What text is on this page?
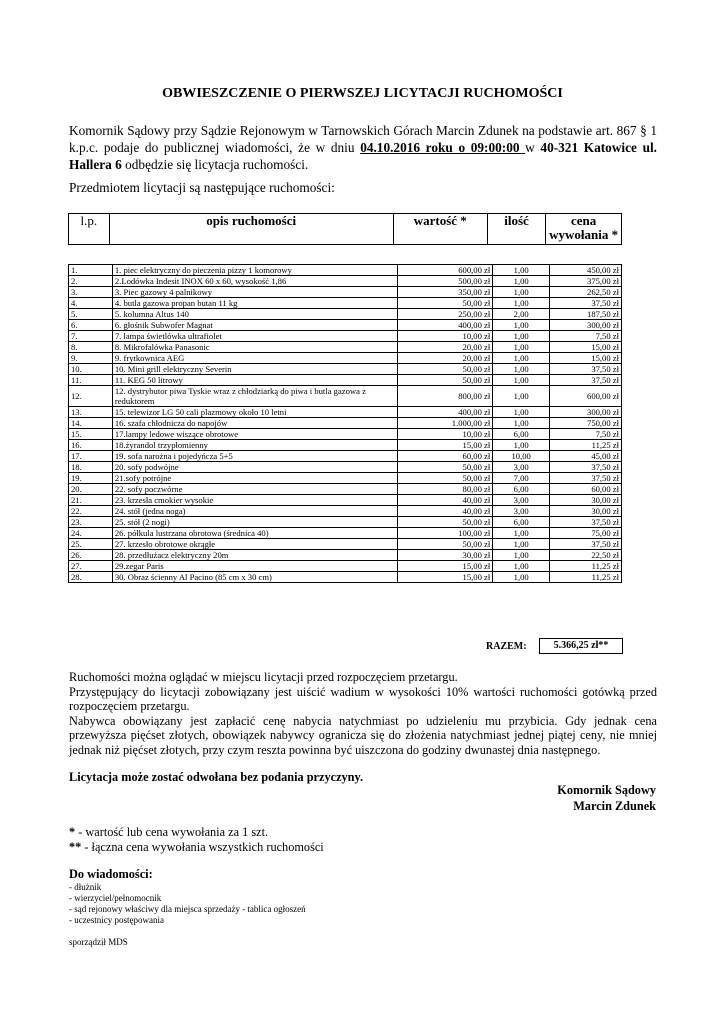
OBWIESZCZENIE O PIERWSZEJ LICYTACJI RUCHOMOŚCI
Komornik Sądowy przy Sądzie Rejonowym w Tarnowskich Górach Marcin Zdunek na podstawie art. 867 § 1 k.p.c. podaje do publicznej wiadomości, że w dniu 04.10.2016 roku o 09:00:00 w 40-321 Katowice ul. Hallera 6 odbędzie się licytacja ruchomości.
Przedmiotem licytacji są następujące ruchomości:
l.p.	opis ruchomości	wartość *	ilość	cena
wywołania *
1.	1. piec elektryczny do pieczenia pizzy 1 komorowy	600,00 zł	1,00	450,00 zł
2.	2.Lodówka Indesit INOX 60 x 60, wysokość 1,86	500,00 zł	1,00	375,00 zł
3.	3. Piec gazowy 4 palnikowy	350,00 zł	1,00	262,50 zł
4.	4. butla gazowa propan butan 11 kg	50,00 zł	1,00	37,50 zł
5.	5. kolumna Altus 140	250,00 zł	2,00	187,50 zł
6.	6. głośnik Subwofer Magnat	400,00 zł	1,00	300,00 zł
7.	7. lampa świetlówka ultrafiolet	10,00 zł	1,00	7,50 zł
8.	8. Mikrofalówka Panasonic	20,00 zł	1,00	15,00 zł
9.	9. frytkownica AEG	20,00 zł	1,00	15,00 zł
10.	10. Mini grill elektryczny Severin	50,00 zł	1,00	37,50 zł
11.	11. KEG 50 litrowy	50,00 zł	1,00	37,50 zł
12.	12. dystrybutor piwa Tyskie wraz z chłodziarką do piwa i butla gazowa z reduktorem	800,00 zł	1,00	600,00 zł
13.	15. telewizor LG 50 cali plazmowy około 10 letni	400,00 zł	1,00	300,00 zł
14.	16. szafa chłodnicza do napojów	1.000,00 zł	1,00	750,00 zł
15.	17.lampy ledowe wiszące obrotowe	10,00 zł	6,00	7,50 zł
16.	18.żyrandol trzypłomienny	15,00 zł	1,00	11,25 zł
17.	19. sofa narożna i pojedyńcza 5+5	60,00 zł	10,00	45,00 zł
18.	20. sofy podwójne	50,00 zł	3,00	37,50 zł
19.	21.sofy potrójne	50,00 zł	7,00	37,50 zł
20.	22. sofy poczwórne	80,00 zł	6,00	60,00 zł
21.	23. krzesła cmokier wysokie	40,00 zł	3,00	30,00 zł
22.	24. stół (jedna noga)	40,00 zł	3,00	30,00 zł
23.	25. stół (2 nogi)	50,00 zł	6,00	37,50 zł
24.	26. półkula lustrzana obrotowa (średnica 40)	100,00 zł	1,00	75,00 zł
25.	27. krzesło obrotowe okrągłe	50,00 zł	1,00	37,50 zł
26.	28. przedłużacz elektryczny 20m	30,00 zł	1,00	22,50 zł
27.	29.zegar Paris	15,00 zł	1,00	11,25 zł
28.	30. Obraz ścienny Al Pacino (85 cm x 30 cm)	15,00 zł	1,00	11,25 zł
RAZEM:	5.366,25 zł**

Ruchomości można oglądać w miejscu licytacji przed rozpoczęciem przetargu.

Przystępujący do licytacji zobowiązany jest uiścić wadium w wysokości 10% wartości ruchomości gotówką przed rozpoczęciem przetargu.

Nabywca obowiązany jest zapłacić cenę nabycia natychmiast po udzieleniu mu przybicia. Gdy jednak cena przewyższa pięćset złotych, obowiązek nabywcy ogranicza się do złożenia natychmiast jednej piątej ceny, nie mniej jednak niż pięćset złotych, przy czym reszta powinna być uiszczona do godziny dwunastej dnia następnego.

Licytacja może zostać odwołana bez podania przyczyny.
Komornik Sądowy
Marcin Zdunek
* - wartość lub cena wywołania za 1 szt.
** - łączna cena wywołania wszystkich ruchomości
Do wiadomości:
- dłużnik
- wierzyciel/pełnomocnik
- sąd rejonowy właściwy dla miejsca sprzedaży - tablica ogłoszeń
- uczestnicy postępowania
sporządził MDS
